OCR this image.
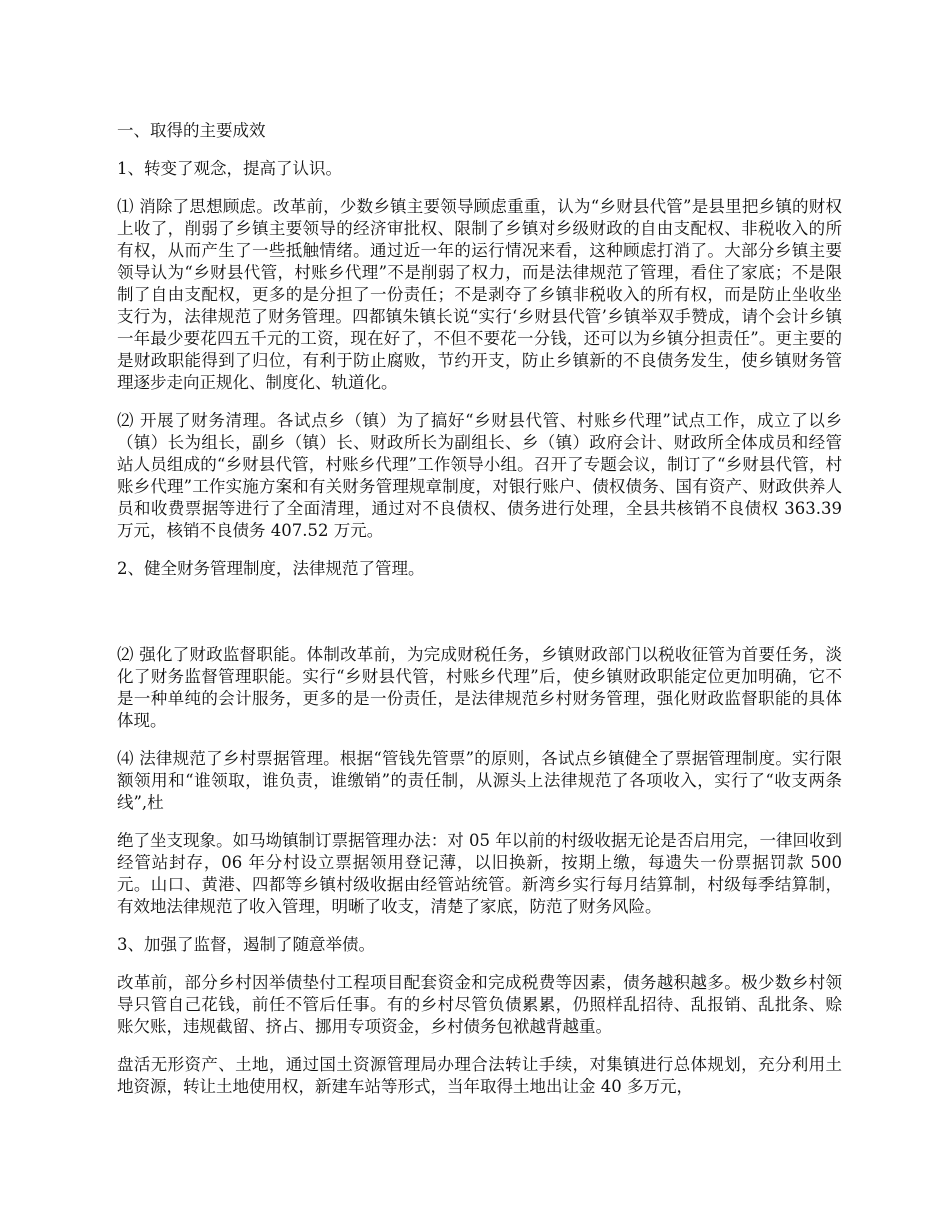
一、取得的主要成效

1、转变了观念，提高了认识。

⑴ 消除了思想顾虑。改革前，少数乡镇主要领导顾虑重重，认为“乡财县代管”是县里把乡镇的财权上收了，削弱了乡镇主要领导的经济审批权、限制了乡镇对乡级财政的自由支配权、非税收入的所有权，从而产生了一些抵触情绪。通过近一年的运行情况来看，这种顾虑打消了。大部分乡镇主要领导认为“乡财县代管，村账乡代理”不是削弱了权力，而是法律规范了管理，看住了家底；不是限制了自由支配权，更多的是分担了一份责任；不是剥夺了乡镇非税收入的所有权，而是防止坐收坐支行为，法律规范了财务管理。四都镇朱镇长说“实行‘乡财县代管’乡镇举双手赞成，请个会计乡镇一年最少要花四五千元的工资，现在好了，不但不要花一分钱，还可以为乡镇分担责任”。更主要的是财政职能得到了归位，有利于防止腐败，节约开支，防止乡镇新的不良债务发生，使乡镇财务管理逐步走向正规化、制度化、轨道化。

⑵ 开展了财务清理。各试点乡（镇）为了搞好“乡财县代管、村账乡代理”试点工作，成立了以乡（镇）长为组长，副乡（镇）长、财政所长为副组长、乡（镇）政府会计、财政所全体成员和经管站人员组成的“乡财县代管，村账乡代理”工作领导小组。召开了专题会议，制订了“乡财县代管，村账乡代理”工作实施方案和有关财务管理规章制度，对银行账户、债权债务、国有资产、财政供养人员和收费票据等进行了全面清理，通过对不良债权、债务进行处理，全县共核销不良债权 363.39 万元，核销不良债务 407.52 万元。

2、健全财务管理制度，法律规范了管理。

⑵ 强化了财政监督职能。体制改革前，为完成财税任务，乡镇财政部门以税收征管为首要任务，淡化了财务监督管理职能。实行“乡财县代管，村账乡代理”后，使乡镇财政职能定位更加明确，它不是一种单纯的会计服务，更多的是一份责任，是法律规范乡村财务管理，强化财政监督职能的具体体现。

⑷ 法律规范了乡村票据管理。根据“管钱先管票”的原则，各试点乡镇健全了票据管理制度。实行限额领用和“谁领取，谁负责，谁缴销”的责任制，从源头上法律规范了各项收入，实行了“收支两条线”,杜

绝了坐支现象。如马坳镇制订票据管理办法：对 05 年以前的村级收据无论是否启用完，一律回收到经管站封存，06 年分村设立票据领用登记薄，以旧换新，按期上缴，每遗失一份票据罚款 500 元。山口、黄港、四都等乡镇村级收据由经管站统管。新湾乡实行每月结算制，村级每季结算制，有效地法律规范了收入管理，明晰了收支，清楚了家底，防范了财务风险。

3、加强了监督，遏制了随意举债。

改革前，部分乡村因举债垫付工程项目配套资金和完成税费等因素，债务越积越多。极少数乡村领导只管自己花钱，前任不管后任事。有的乡村尽管负债累累，仍照样乱招待、乱报销、乱批条、赊账欠账，违规截留、挤占、挪用专项资金，乡村债务包袱越背越重。

盘活无形资产、土地，通过国土资源管理局办理合法转让手续，对集镇进行总体规划，充分利用土地资源，转让土地使用权，新建车站等形式，当年取得土地出让金 40 多万元，
